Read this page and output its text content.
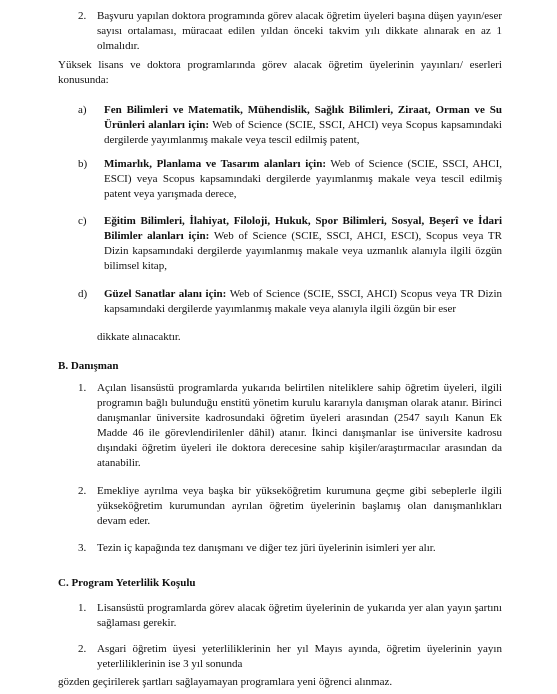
2. Başvuru yapılan doktora programında görev alacak öğretim üyeleri başına düşen yayın/eser sayısı ortalaması, müracaat edilen yıldan önceki takvim yılı dikkate alınarak en az 1 olmalıdır.

Yüksek lisans ve doktora programlarında görev alacak öğretim üyelerinin yayınları/ eserleri konusunda:

a) Fen Bilimleri ve Matematik, Mühendislik, Sağlık Bilimleri, Ziraat, Orman ve Su Ürünleri alanları için: Web of Science (SCIE, SSCI, AHCI) veya Scopus kapsamındaki dergilerde yayımlanmış makale veya tescil edilmiş patent,

b) Mimarlık, Planlama ve Tasarım alanları için: Web of Science (SCIE, SSCI, AHCI, ESCI) veya Scopus kapsamındaki dergilerde yayımlanmış makale veya tescil edilmiş patent veya yarışmada derece,

c) Eğitim Bilimleri, İlahiyat, Filoloji, Hukuk, Spor Bilimleri, Sosyal, Beşerî ve İdari Bilimler alanları için: Web of Science (SCIE, SSCI, AHCI, ESCI), Scopus veya TR Dizin kapsamındaki dergilerde yayımlanmış makale veya uzmanlık alanıyla ilgili özgün bilimsel kitap,

d) Güzel Sanatlar alanı için: Web of Science (SCIE, SSCI, AHCI) Scopus veya TR Dizin kapsamındaki dergilerde yayımlanmış makale veya alanıyla ilgili özgün bir eser

dikkate alınacaktır.

B. Danışman

1. Açılan lisansüstü programlarda yukarıda belirtilen niteliklere sahip öğretim üyeleri, ilgili programın bağlı bulunduğu enstitü yönetim kurulu kararıyla danışman olarak atanır. Birinci danışmanlar üniversite kadrosundaki öğretim üyeleri arasından (2547 sayılı Kanun Ek Madde 46 ile görevlendirilenler dâhil) atanır. İkinci danışmanlar ise üniversite kadrosu dışındaki öğretim üyeleri ile doktora derecesine sahip kişiler/araştırmacılar arasından da atanabilir.

2. Emekliye ayrılma veya başka bir yükseköğretim kurumuna geçme gibi sebeplerle ilgili yükseköğretim kurumundan ayrılan öğretim üyelerinin başlamış olan danışmanlıkları devam eder.

3. Tezin iç kapağında tez danışmanı ve diğer tez jüri üyelerinin isimleri yer alır.

C. Program Yeterlilik Koşulu

1. Lisansüstü programlarda görev alacak öğretim üyelerinin de yukarıda yer alan yayın şartını sağlaması gerekir.

2. Asgari öğretim üyesi yeterliliklerinin her yıl Mayıs ayında, öğretim üyelerinin yayın yeterliliklerinin ise 3 yıl sonunda

gözden geçirilerek şartları sağlayamayan programlara yeni öğrenci alınmaz.
